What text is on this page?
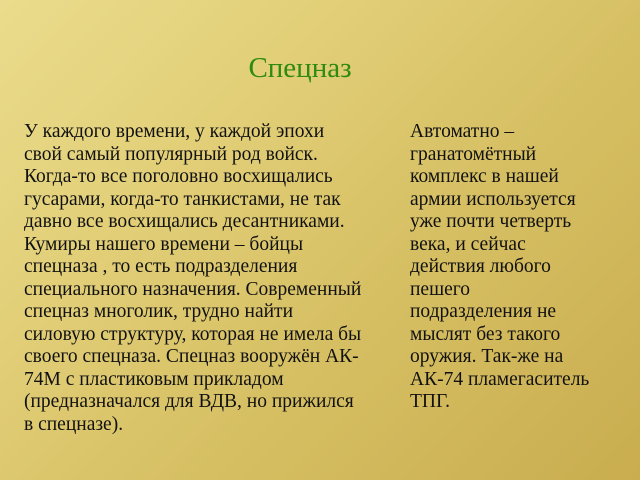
Спецназ
У каждого времени, у каждой эпохи
свой самый популярный род войск.
Когда-то все поголовно восхищались
гусарами, когда-то танкистами, не так
давно все восхищались десантниками.
Кумиры нашего времени – бойцы
спецназа , то есть подразделения
специального назначения. Современный
спецназ многолик, трудно найти
силовую структуру, которая не имела бы
своего спецназа. Спецназ вооружён АК-
74М с пластиковым прикладом
(предназначался для ВДВ, но прижился
в спецназе).
Автоматно –
гранатомётный
комплекс в нашей
армии используется
уже почти четверть
века, и сейчас
действия любого
пешего
подразделения не
мыслят без такого
оружия. Так-же на
АК-74 пламегаситель
ТПГ.
